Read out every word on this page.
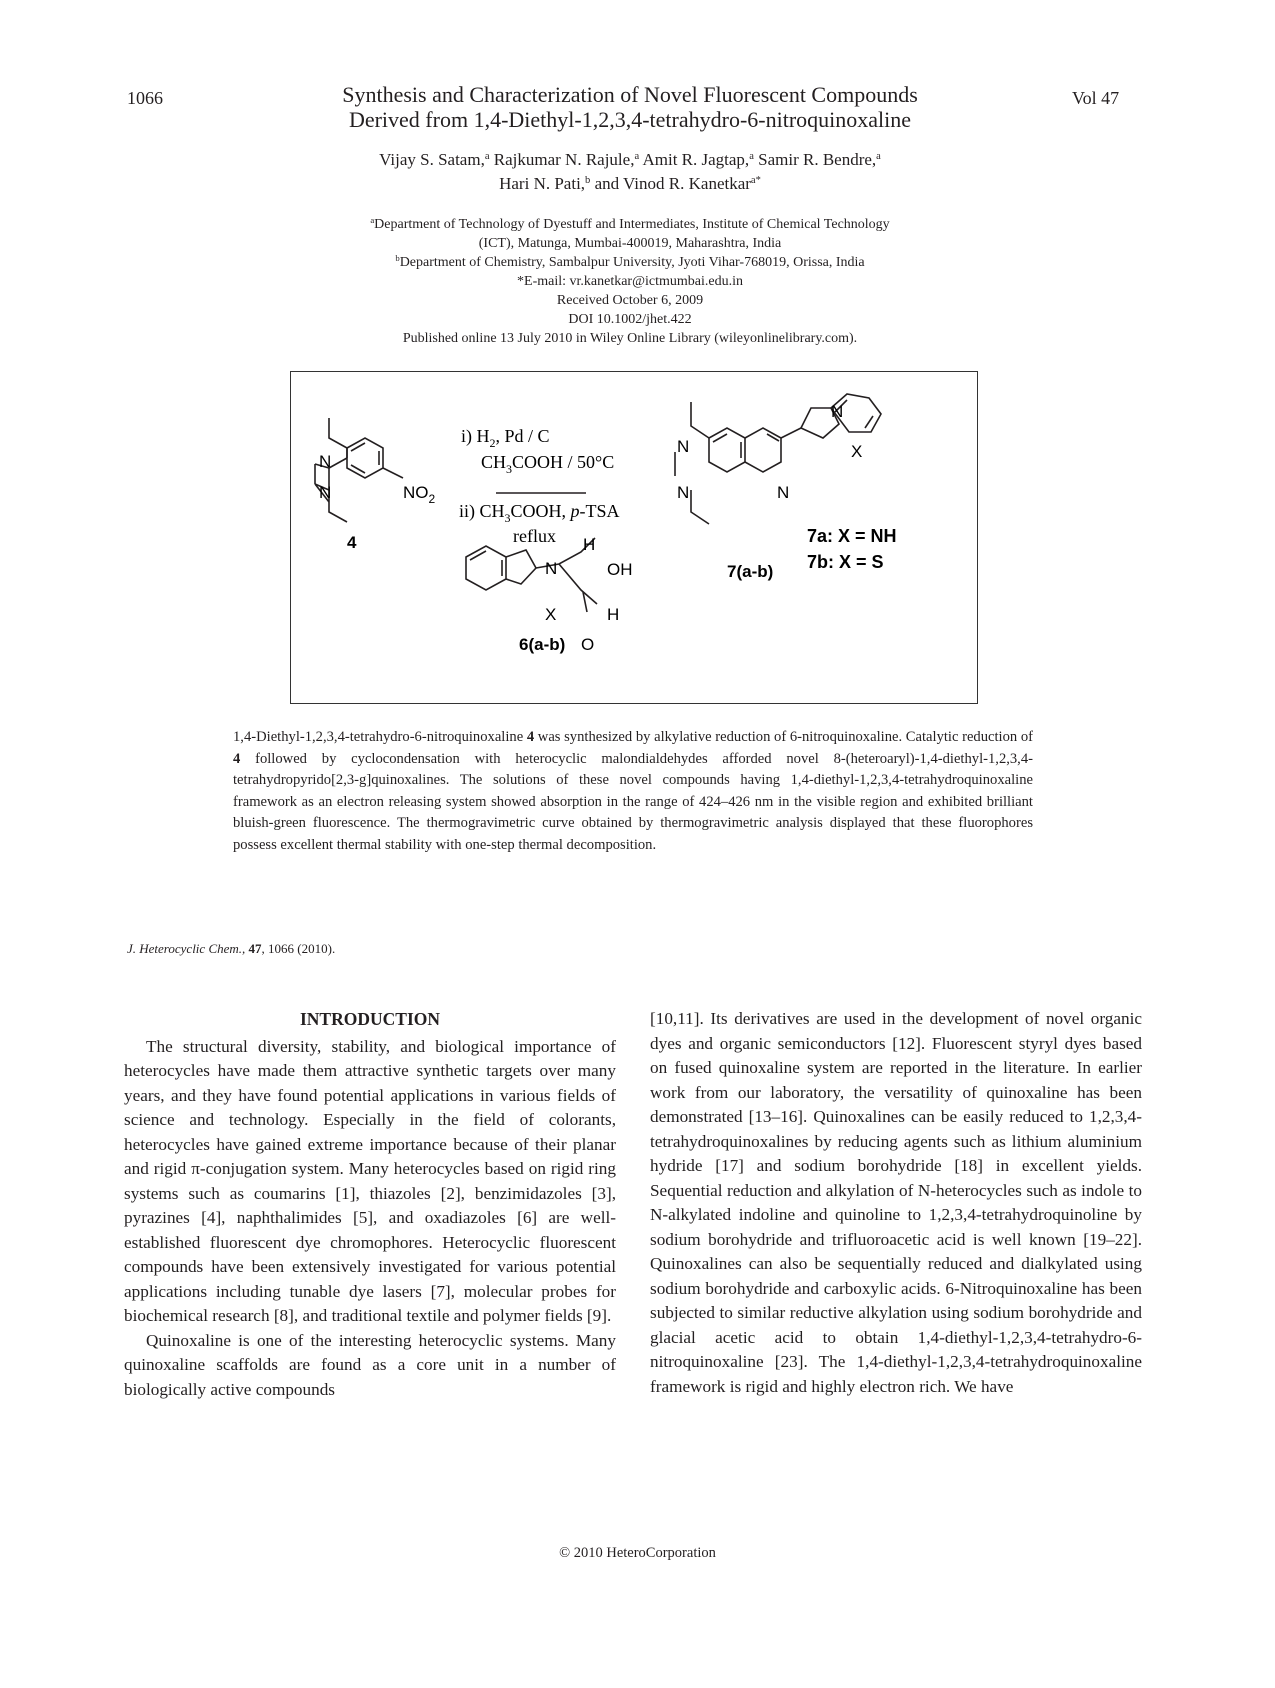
1066	Vol 47
Synthesis and Characterization of Novel Fluorescent Compounds
Derived from 1,4-Diethyl-1,2,3,4-tetrahydro-6-nitroquinoxaline
Vijay S. Satam,$^a$ Rajkumar N. Rajule,$^a$ Amit R. Jagtap,$^a$ Samir R. Bendre,$^a$
Hari N. Pati,$^b$ and Vinod R. Kanetkar$^{a*}$
$^a$Department of Technology of Dyestuff and Intermediates, Institute of Chemical Technology
(ICT), Matunga, Mumbai-400019, Maharashtra, India
$^b$Department of Chemistry, Sambalpur University, Jyoti Vihar-768019, Orissa, India
*E-mail: vr.kanetkar@ictmumbai.edu.in
Received October 6, 2009
DOI 10.1002/jhet.422
Published online 13 July 2010 in Wiley Online Library (wileyonlinelibrary.com).
N
N	$NO_2$
4
i) $H_2$, Pd / C
$CH_3COOH / 50^\circ C$
ii) $CH_3COOH$, p-TSA
reflux H
N	OH
X	H
6(a-b) O
N
N	N
N
X
7(a-b)
7a: X = NH
7b: X = S
1,4-Diethyl-1,2,3,4-tetrahydro-6-nitroquinoxaline 4 was synthesized by alkylative reduction of 6-nitroquinoxaline. Catalytic reduction of 4 followed by cyclocondensation with heterocyclic malondialdehydes afforded novel 8-(heteroaryl)-1,4-diethyl-1,2,3,4-tetrahydropyrido[2,3-g]quinoxalines. The solutions of these novel compounds having 1,4-diethyl-1,2,3,4-tetrahydroquinoxaline framework as an electron releasing system showed absorption in the range of 424–426 nm in the visible region and exhibited brilliant bluish-green fluorescence. The thermogravimetric curve obtained by thermogravimetric analysis displayed that these fluorophores possess excellent thermal stability with one-step thermal decomposition.
J. Heterocyclic Chem., 47, 1066 (2010).
INTRODUCTION

The structural diversity, stability, and biological importance of heterocycles have made them attractive synthetic targets over many years, and they have found potential applications in various fields of science and technology. Especially in the field of colorants, heterocycles have gained extreme importance because of their planar and rigid π-conjugation system. Many heterocycles based on rigid ring systems such as coumarins [1], thiazoles [2], benzimidazoles [3], pyrazines [4], naphthalimides [5], and oxadiazoles [6] are well-established fluorescent dye chromophores. Heterocyclic fluorescent compounds have been extensively investigated for various potential applications including tunable dye lasers [7], molecular probes for biochemical research [8], and traditional textile and polymer fields [9].

Quinoxaline is one of the interesting heterocyclic systems. Many quinoxaline scaffolds are found as a core unit in a number of biologically active compounds

[10,11]. Its derivatives are used in the development of novel organic dyes and organic semiconductors [12]. Fluorescent styryl dyes based on fused quinoxaline system are reported in the literature. In earlier work from our laboratory, the versatility of quinoxaline has been demonstrated [13–16]. Quinoxalines can be easily reduced to 1,2,3,4-tetrahydroquinoxalines by reducing agents such as lithium aluminium hydride [17] and sodium borohydride [18] in excellent yields. Sequential reduction and alkylation of N-heterocycles such as indole to N-alkylated indoline and quinoline to 1,2,3,4-tetrahydroquinoline by sodium borohydride and trifluoroacetic acid is well known [19–22]. Quinoxalines can also be sequentially reduced and dialkylated using sodium borohydride and carboxylic acids. 6-Nitroquinoxaline has been subjected to similar reductive alkylation using sodium borohydride and glacial acetic acid to obtain 1,4-diethyl-1,2,3,4-tetrahydro-6-nitroquinoxaline [23]. The 1,4-diethyl-1,2,3,4-tetrahydroquinoxaline framework is rigid and highly electron rich. We have

© 2010 HeteroCorporation
